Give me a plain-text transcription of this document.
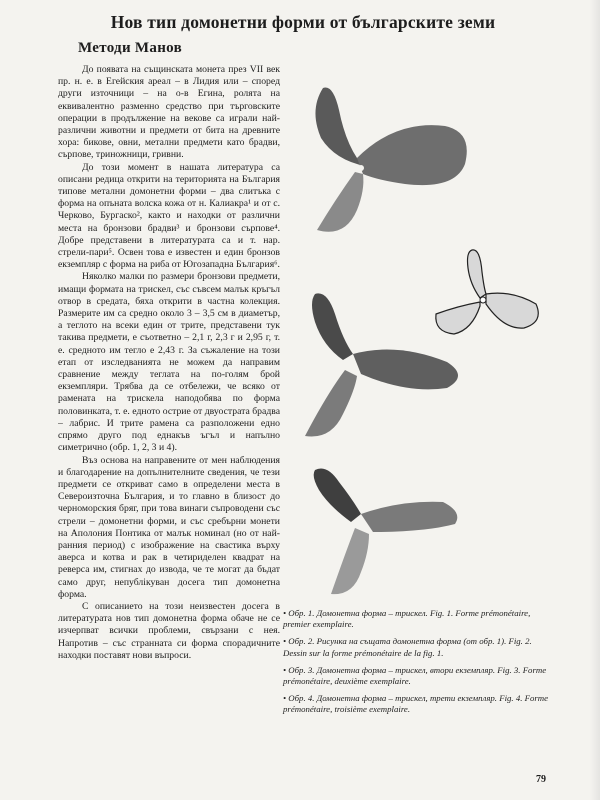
Нов тип домонетни форми от българските земи
Методи Манов

До появата на същинската монета през VII век пр. н. е. в Егейския ареал – в Лидия или – според други източници – на о-в Егина, ролята на еквивалентно разменно средство при търговските операции в продължение на векове са играли най-различни животни и предмети от бита на древните хора: бикове, овни, метални предмети като брадви, сърпове, триножници, гривни.

До този момент в нашата литература са описани редица открити на територията на България типове метални домонетни форми – два слитъка с форма на опъната волска кожа от н. Калиакра¹ и от с. Черково, Бургаско², както и находки от различни места на бронзови брадви³ и бронзови сърпове⁴. Добре представени в литературата са и т. нар. стрели-пари⁵. Освен това е известен и един бронзов екземпляр с форма на риба от Югозападна България⁶.

Няколко малки по размери бронзови предмети, имащи формата на трискел, със съвсем малък кръгъл отвор в средата, бяха открити в частна колекция. Размерите им са средно около 3 – 3,5 см в диаметър, а теглото на всеки един от трите, представени тук такива предмети, е съответно – 2,1 г, 2,3 г и 2,95 г, т. е. средното им тегло е 2,43 г. За съжаление на този етап от изследванията не можем да направим сравнение между теглата на по-голям брой екземпляри. Трябва да се отбележи, че всяко от рамената на трискела наподобява по форма половинката, т. е. едното острие от двуострата брадва – лабрис. И трите рамена са разположени едно спрямо друго под еднакъв ъгъл и напълно симетрично (обр. 1, 2, 3 и 4).

Въз основа на направените от мен наблюдения и благодарение на допълнителните сведения, че тези предмети се откриват само в определени места в Североизточна България, и то главно в близост до черноморския бряг, при това винаги съпроводени със стрели – домонетни форми, и със сребърни монети на Аполония Понтика от малък номинал (но от най-ранния период) с изображение на свастика върху аверса и котва и рак в четириделен квадрат на реверса им, стигнах до извода, че те могат да бъдат само друг, непублікуван досега тип домонетна форма.

С описанието на този неизвестен досега в литературата нов тип домонетна форма обаче не се изчерпват всички проблеми, свързани с нея. Напротив – със странната си форма спорадичните находки поставят нови въпроси.

• Обр. 1. Домонетна форма – трискел. Fig. 1. Forme prémonétaire, premier exemplaire.

• Обр. 2. Рисунка на същата домонетна форма (от обр. 1). Fig. 2. Dessin sur la forme prémonétaire de la fig. 1.

• Обр. 3. Домонетна форма – трискел, втори екземпляр. Fig. 3. Forme prémonétaire, deuxième exemplaire.

• Обр. 4. Домонетна форма – трискел, трети екземпляр. Fig. 4. Forme prémonétaire, troisième exemplaire.

79
